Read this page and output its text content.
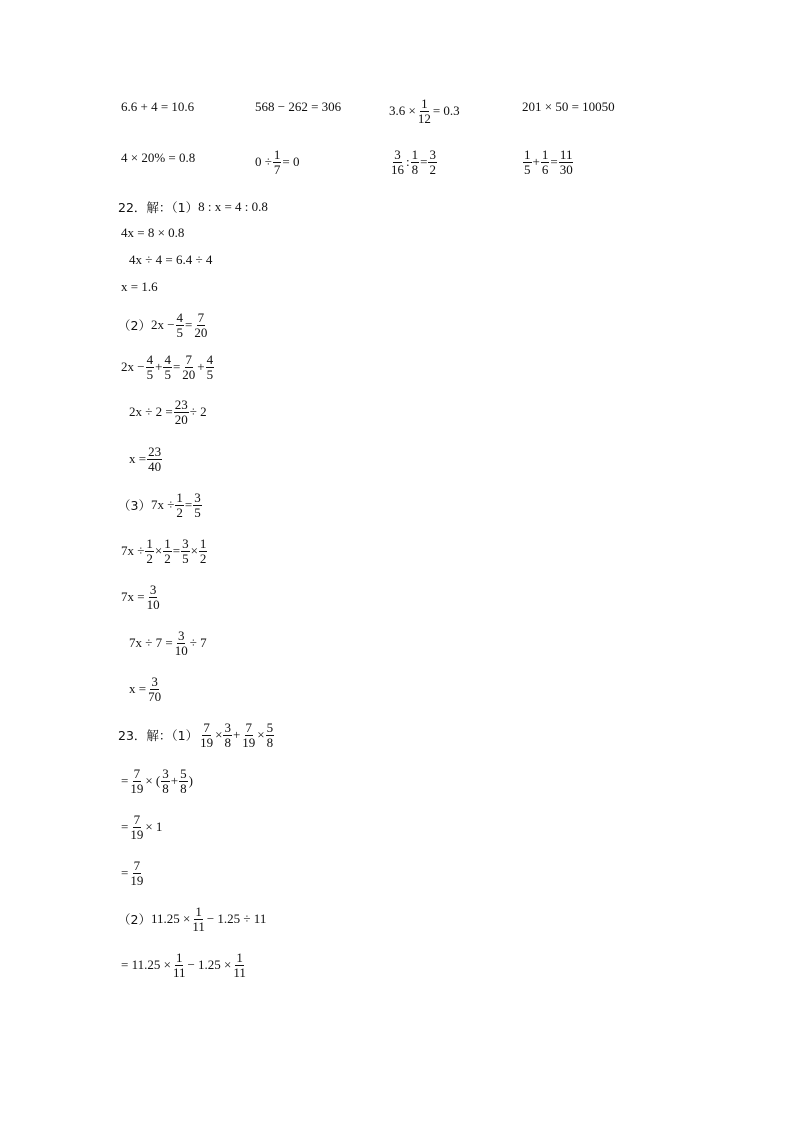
6.6 + 4 = 10.6	568 − 262 = 306	$3.6 \times \frac{1}{12} = 0.3$	201 × 50 = 10050
4 × 20% = 0.8	$0 \div \frac{1}{7} = 0$	$\frac{3}{16}$ : $\frac{1}{8} = \frac{3}{2}$	$\frac{1}{5} + \frac{1}{6} = \frac{11}{30}$
22．解：（1） 8 : x = 4 : 0.8
4x = 8 × 0.8
4x ÷ 4 = 6.4 ÷ 4
x = 1.6
（2） $2x - \frac{4}{5} = \frac{7}{20}$
$2x - \frac{4}{5} + \frac{4}{5} = \frac{7}{20} + \frac{4}{5}$
$2x \div 2 = \frac{23}{20} \div 2$
$x = \frac{23}{40}$
（3） $7x \div \frac{1}{2} = \frac{3}{5}$
$7x \div \frac{1}{2} \times \frac{1}{2} = \frac{3}{5} \times \frac{1}{2}$
$7x = \frac{3}{10}$
$7x \div 7 = \frac{3}{10} \div 7$
$x = \frac{3}{70}$
23．解：$(1) \frac{7}{19} \times \frac{3}{8} + \frac{7}{19} \times \frac{5}{8}$
= $\frac{7}{19}$ × ( $\frac{3}{8} + \frac{5}{8}$ )
= $\frac{7}{19} \times 1$
= $\frac{7}{19}$
（2） $11.25 \times \frac{1}{11} - 1.25 \div 11$
= $11.25 \times \frac{1}{11} - 1.25 \times \frac{1}{11}$
